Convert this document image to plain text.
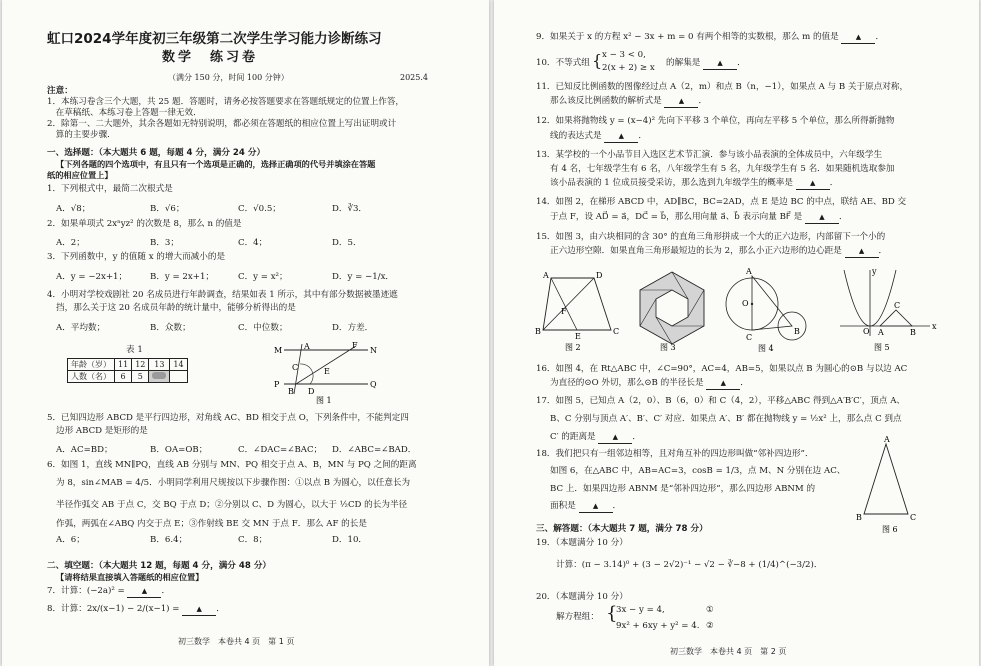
虹口2024学年度初三年级第二次学生学习能力诊断练习
数学　练习卷
（满分 150 分，时间 100 分钟）	2025.4
注意：
1．本练习卷含三个大题，共 25 题．答题时，请务必按答题要求在答题纸规定的位置上作答，
　在草稿纸、本练习卷上答题一律无效．
2．除第一、二大题外，其余各题如无特别说明，都必须在答题纸的相应位置上写出证明或计
　算的主要步骤．
一、选择题：（本大题共 6 题，每题 4 分，满分 24 分）
【下列各题的四个选项中，有且只有一个选项是正确的，选择正确项的代号并填涂在答题
纸的相应位置上】
1．下列根式中，最简二次根式是
A．√8；	B．√6；	C．√0.5；	D．∛3．
2．如果单项式 2xⁿyz² 的次数是 8，那么 n 的值是
A．2；	B．3；	C．4；	D．5．
3．下列函数中，y 的值随 x 的增大而减小的是
A．y = −2x+1；	B．y = 2x+1；	C．y = x²；	D．y = −1/x．
4．小明对学校戏剧社 20 名成员进行年龄调查，结果如表 1 所示，其中有部分数据被墨迹遮
挡，那么关于这 20 名成员年龄的统计量中，能够分析得出的是
A．平均数；	B．众数；	C．中位数；	D．方差．
表 1
年龄（岁）	11	12	13	14
人数（名）	6	5		
M	N
P	Q
A
B
C
D
E
F
图 1
5．已知四边形 ABCD 是平行四边形，对角线 AC、BD 相交于点 O，下列条件中，不能判定四
边形 ABCD 是矩形的是
A．AC=BD；	B．OA=OB；	C．∠DAC=∠BAC； D．∠ABC=∠BAD．
6．如图 1，直线 MN∥PQ，直线 AB 分别与 MN、PQ 相交于点 A、B，MN 与 PQ 之间的距离
为 8，sin∠MAB = 4/5．小明同学利用尺规按以下步骤作图：①以点 B 为圆心，以任意长为
半径作弧交 AB 于点 C，交 BQ 于点 D；②分别以 C、D 为圆心，以大于 ½CD 的长为半径
作弧，两弧在∠ABQ 内交于点 E；③作射线 BE 交 MN 于点 F．那么 AF 的长是
A．6；	B．6.4；	C．8；	D．10．
二、填空题：（本大题共 12 题，每题 4 分，满分 48 分）
【请将结果直接填入答题纸的相应位置】
7．计算：(−2a)² = ▲ ．
8．计算：2x/(x−1) − 2/(x−1) = ▲ ．
初三数学　本卷共 4 页　第 1 页
9．如果关于 x 的方程 x² − 3x + m = 0 有两个相等的实数根，那么 m 的值是 ▲ ．
10．不等式组 { x − 3 < 0,
2(x + 2) ≥ x 的解集是 ▲ ．
11．已知反比例函数的图像经过点 A（2，m）和点 B（n，−1），如果点 A 与 B 关于原点对称，
那么该反比例函数的解析式是 ▲ ．
12．如果将抛物线 y = (x−4)² 先向下平移 3 个单位，再向左平移 5 个单位，那么所得新抛物
线的表达式是 ▲ ．
13．某学校的一个小品节目入选区艺术节汇演．参与该小品表演的全体成员中，六年级学生
有 4 名，七年级学生有 6 名，八年级学生有 5 名，九年级学生有 5 名．如果随机选取参加
该小品表演的 1 位成员接受采访，那么选到九年级学生的概率是 ▲ ．
14．如图 2，在梯形 ABCD 中，AD∥BC，BC=2AD，点 E 是边 BC 的中点，联结 AE、BD 交
于点 F，设 AD⃗ = a⃗，DC⃗ = b⃗，那么用向量 a⃗、b⃗ 表示向量 BF⃗ 是 ▲ ．
15．如图 3，由六块相同的含 30° 的直角三角形拼成一个大的正六边形，内部留下一个小的
正六边形空隙．如果直角三角形最短边的长为 2，那么小正六边形的边心距是 ▲ ．
A	D
B	C
E
F
图 2	图 3
A
O
C
B
图 4
x
y
O A	B
C
图 5
16．如图 4，在 Rt△ABC 中，∠C=90°，AC=4，AB=5，如果以点 B 为圆心的⊙B 与以边 AC
为直径的⊙O 外切，那么⊙B 的半径长是 ▲ ．
17．如图 5，已知点 A（2，0）、B（6，0）和 C（4，2），平移△ABC 得到△A′B′C′，顶点 A、
B、C 分别与顶点 A′、B′、C′ 对应．如果点 A′、B′ 都在抛物线 y = ½x² 上，那么点 C 到点
C′ 的距离是 ▲ ．
18．我们把只有一组邻边相等，且对角互补的四边形叫做“邻补四边形”．
如图 6，在△ABC 中，AB=AC=3，cosB = 1/3，点 M、N 分别在边 AC、
BC 上．如果四边形 ABNM 是“邻补四边形”，那么四边形 ABNM 的
面积是 ▲ ．
A
B	C
图 6
三、解答题：（本大题共 7 题，满分 78 分）
19．（本题满分 10 分）
计算：(π − 3.14)⁰ + (3 − 2√2)⁻¹ − √2 − ∛−8 + (1/4)^(−3/2)．
20．（本题满分 10 分）
解方程组： {
3x − y = 4,
9x² + 6xy + y² = 4.
①
②
初三数学　本卷共 4 页　第 2 页
